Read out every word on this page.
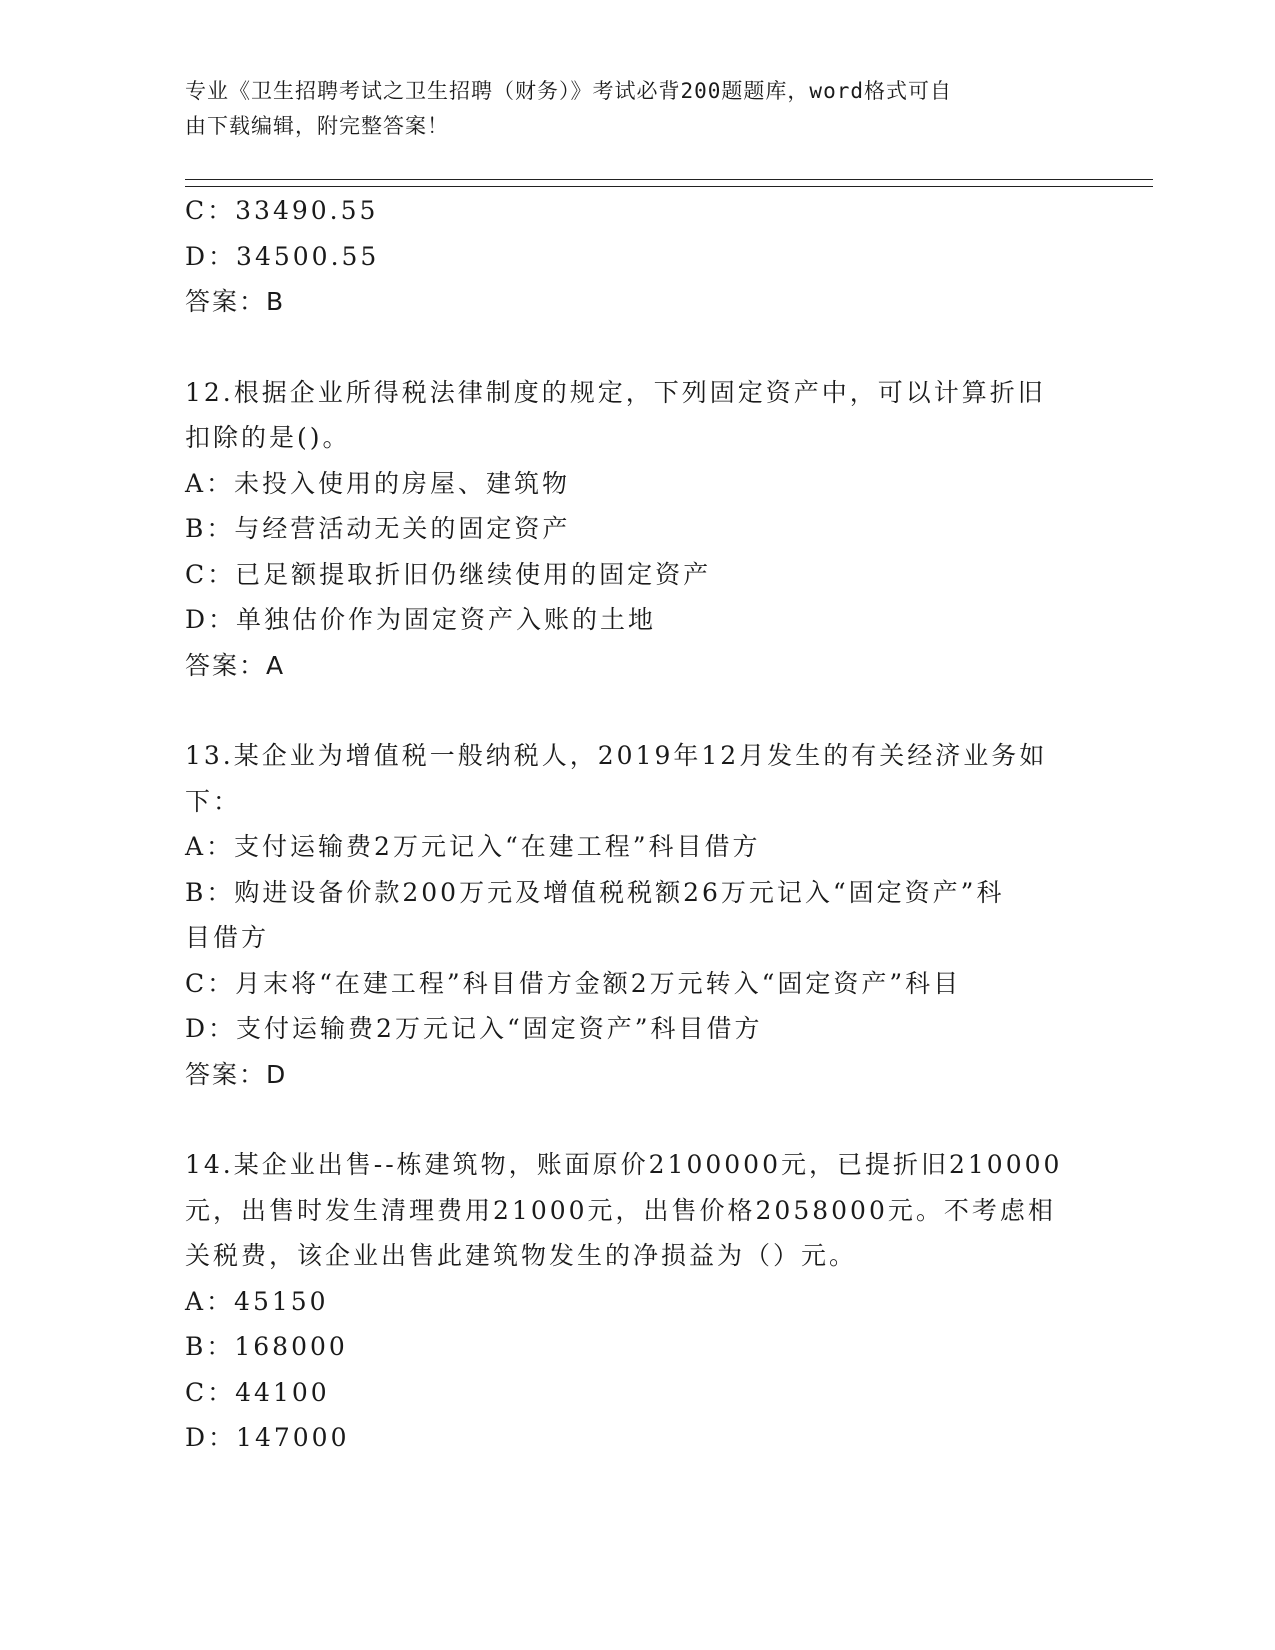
专业《卫生招聘考试之卫生招聘（财务）》考试必背200题题库，word格式可自
由下载编辑，附完整答案！
C：33490.55
D：34500.55
答案：B
12.根据企业所得税法律制度的规定，下列固定资产中，可以计算折旧
扣除的是()。
A：未投入使用的房屋、建筑物
B：与经营活动无关的固定资产
C：已足额提取折旧仍继续使用的固定资产
D：单独估价作为固定资产入账的土地
答案：A
13.某企业为增值税一般纳税人，2019年12月发生的有关经济业务如
下：
A：支付运输费2万元记入“在建工程”科目借方
B：购进设备价款200万元及增值税税额26万元记入“固定资产”科
目借方
C：月末将“在建工程”科目借方金额2万元转入“固定资产”科目
D：支付运输费2万元记入“固定资产”科目借方
答案：D
14.某企业出售--栋建筑物，账面原价2100000元，已提折旧210000
元，出售时发生清理费用21000元，出售价格2058000元。不考虑相
关税费，该企业出售此建筑物发生的净损益为（）元。
A：45150
B：168000
C：44100
D：147000
